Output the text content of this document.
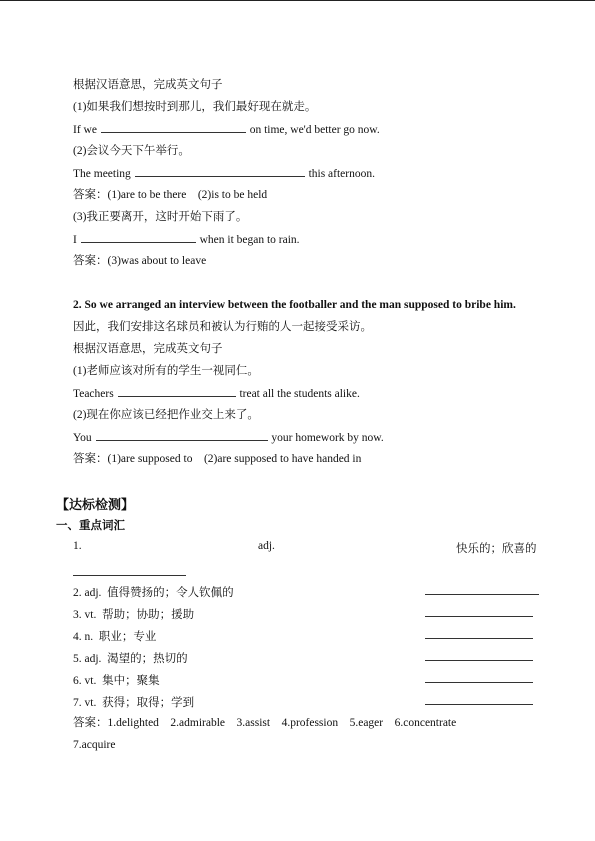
根据汉语意思，完成英文句子
(1)如果我们想按时到那儿，我们最好现在就走。
If we	on time, we'd better go now.
(2)会议今天下午举行。
The meeting	this afternoon.
答案：(1)are to be there    (2)is to be held
(3)我正要离开，这时开始下雨了。
I	when it began to rain.
答案：(3)was about to leave
2. So we arranged an interview between the footballer and the man supposed to bribe him.
因此，我们安排这名球员和被认为行贿的人一起接受采访。
根据汉语意思，完成英文句子
(1)老师应该对所有的学生一视同仁。
Teachers	treat all the students alike.
(2)现在你应该已经把作业交上来了。
You	your homework by now.
答案：(1)are supposed to    (2)are supposed to have handed in
【达标检测】
一、重点词汇
1.	adj.	快乐的；欣喜的
2. adj.  值得赞扬的；令人钦佩的
3. vt.  帮助；协助；援助
4. n.  职业；专业
5. adj.  渴望的；热切的
6. vt.  集中；聚集
7. vt.  获得；取得；学到
答案：1.delighted    2.admirable    3.assist    4.profession    5.eager    6.concentrate
7.acquire
